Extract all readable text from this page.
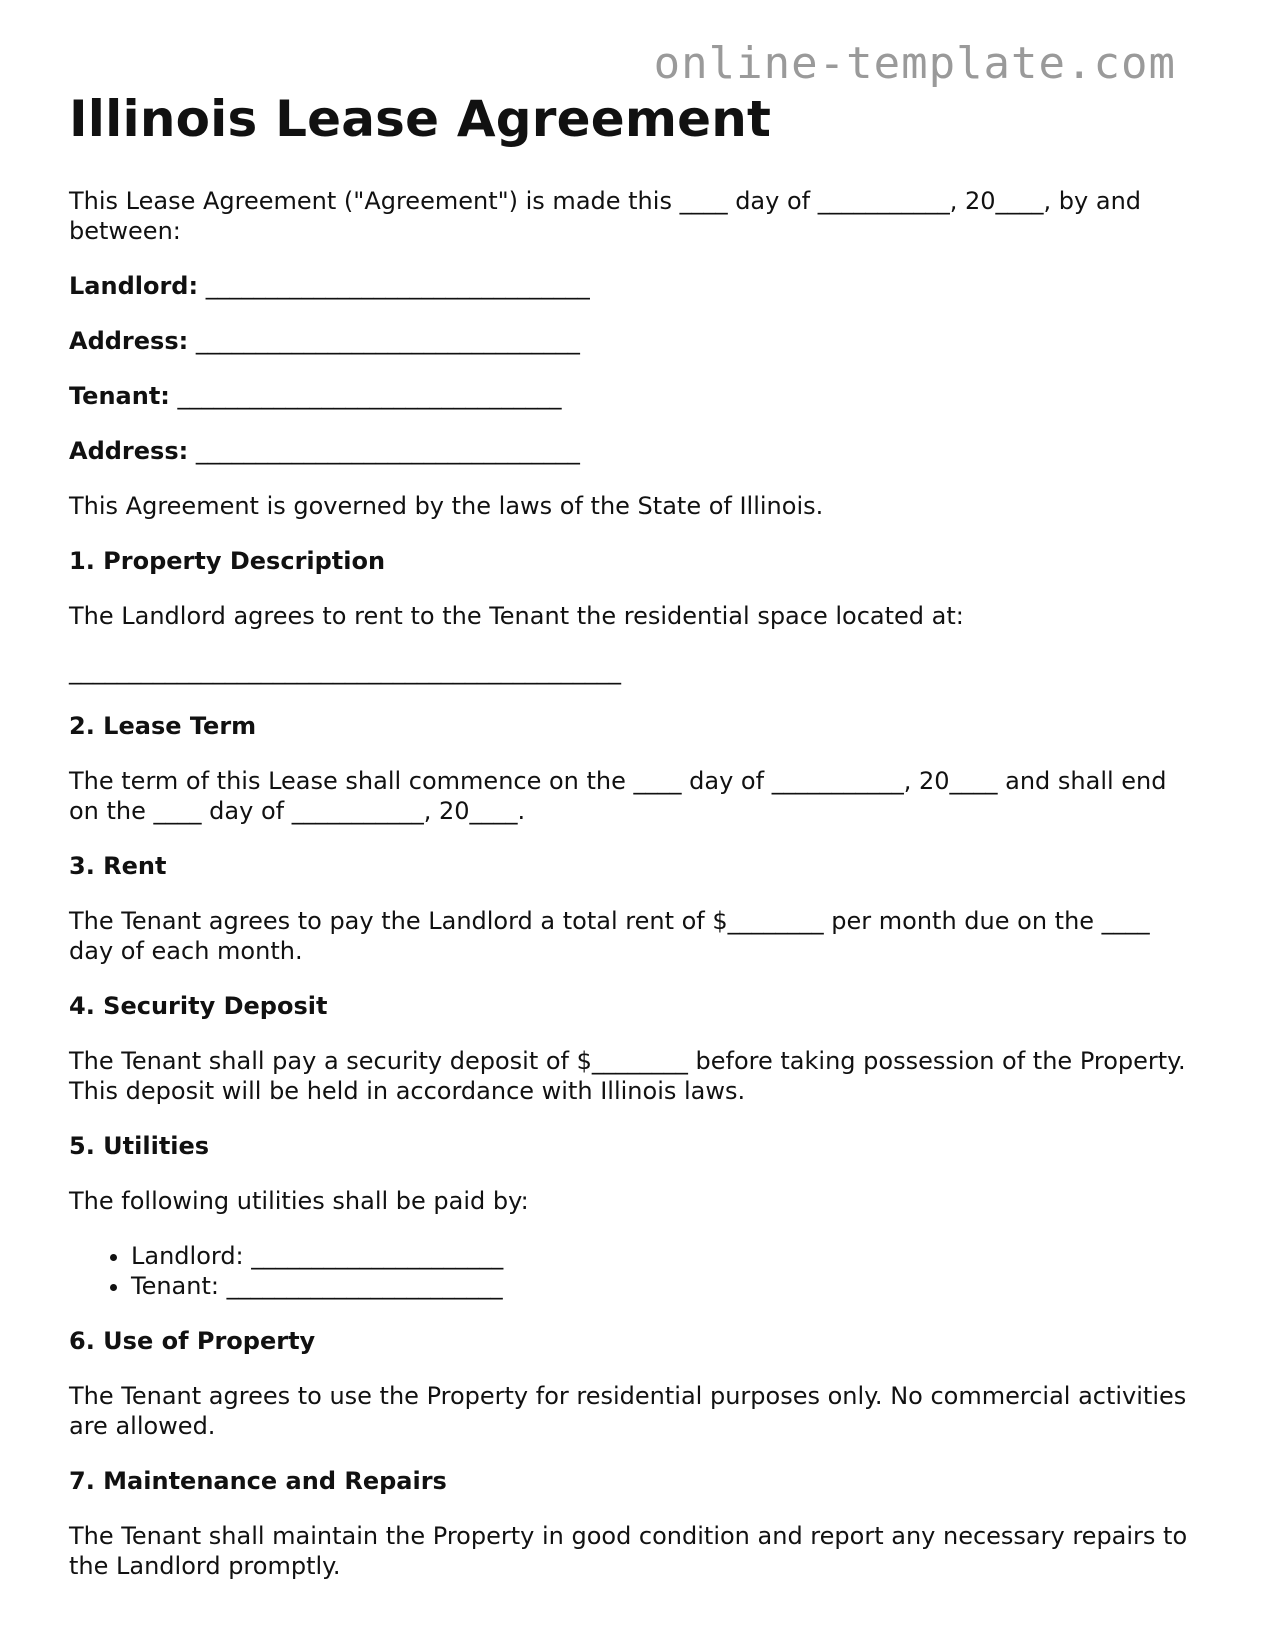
online-template.com
Illinois Lease Agreement

This Lease Agreement ("Agreement") is made this ____ day of ___________, 20____, by and between:

Landlord: ________________________________
Address: ________________________________
Tenant: ________________________________
Address: ________________________________

This Agreement is governed by the laws of the State of Illinois.

1. Property Description

The Landlord agrees to rent to the Tenant the residential space located at:

______________________________________________
2. Lease Term

The term of this Lease shall commence on the ____ day of ___________, 20____ and shall end on the ____ day of ___________, 20____.

3. Rent

The Tenant agrees to pay the Landlord a total rent of $________ per month due on the ____ day of each month.

4. Security Deposit

The Tenant shall pay a security deposit of $________ before taking possession of the Property. This deposit will be held in accordance with Illinois laws.

5. Utilities

The following utilities shall be paid by:

• Landlord: _____________________
• Tenant: _______________________
6. Use of Property

The Tenant agrees to use the Property for residential purposes only. No commercial activities are allowed.

7. Maintenance and Repairs

The Tenant shall maintain the Property in good condition and report any necessary repairs to the Landlord promptly.
